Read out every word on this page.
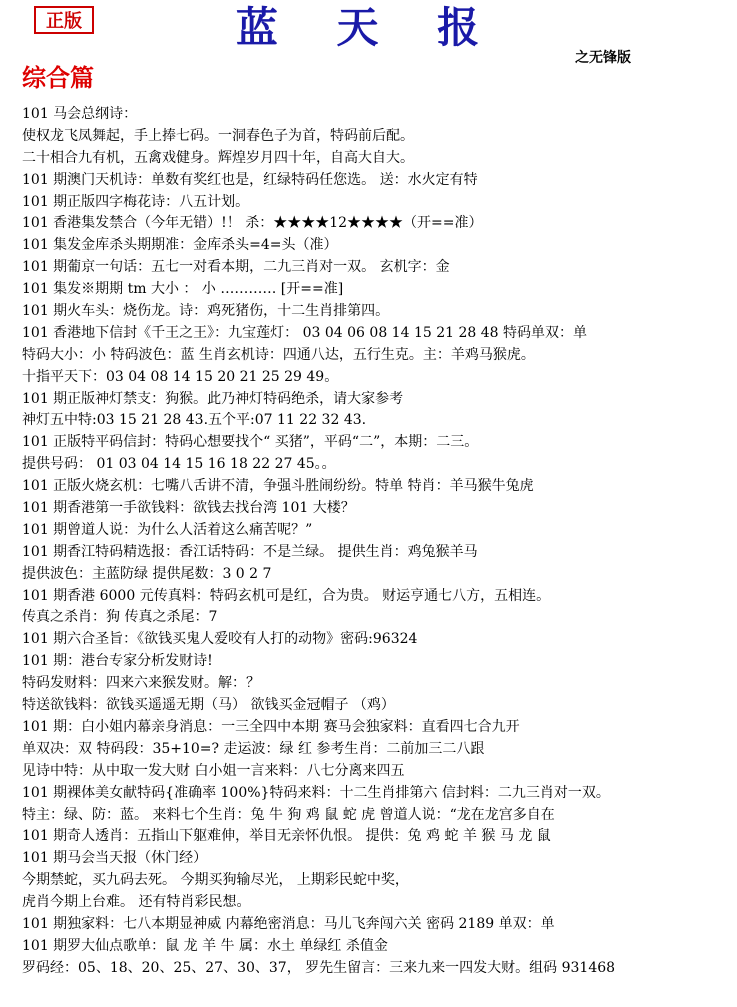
正版	蓝 天 报
之无锋版
综合篇
101 马会总纲诗：
使权龙飞凤舞起，手上捧七码。一洞春色子为首，特码前后配。
二十相合九有机，五禽戏健身。辉煌岁月四十年，自高大自大。
101 期澳门天机诗：单数有奖红也是，红绿特码任您选。 送：水火定有特
101 期正版四字梅花诗：八五计划。
101 香港集发禁合（今年无错）!！ 杀：★★★★12★★★★（开==准）
101 集发金库杀头期期准：金库杀头=4=头（准）
101 期葡京一句话：五七一对看本期，二九三肖对一双。 玄机字：金
101 集发※期期 tm 大小 ： 小 ………… [开==准]
101 期火车头：烧伤龙。诗：鸡死猪伤，十二生肖排第四。
101 香港地下信封《千王之王》：九宝莲灯： 03 04 06 08 14 15 21 28 48 特码单双：单
特码大小：小 特码波色：蓝 生肖玄机诗：四通八达，五行生克。主：羊鸡马猴虎。
十指平天下：03 04 08 14 15 20 21 25 29 49。
101 期正版神灯禁支：狗猴。此乃神灯特码绝杀，请大家参考
神灯五中特:03 15 21 28 43.五个平:07 11 22 32 43.
101 正版特平码信封：特码心想要找个“ 买猪”，平码“二”，本期：二三。
提供号码： 01 03 04 14 15 16 18 22 27 45。。
101 正版火烧玄机：七嘴八舌讲不清，争强斗胜闹纷纷。特单 特肖：羊马猴牛兔虎
101 期香港第一手欲钱料：欲钱去找台湾 101 大楼？
101 期曾道人说：为什么人活着这么痛苦呢？”
101 期香江特码精选报：香江话特码：不是兰绿。 提供生肖：鸡兔猴羊马
提供波色：主蓝防绿 提供尾数：3 0 2 7
101 期香港 6000 元传真料：特码玄机可是红，合为贵。 财运亨通七八方，五相连。
传真之杀肖：狗 传真之杀尾：7
101 期六合圣旨：《欲钱买鬼人爱咬有人打的动物》密码:96324
101 期：港台专家分析发财诗!
特码发财料：四来六来猴发财。解：？
特送欲钱料：欲钱买遥遥无期（马） 欲钱买金冠帽子 （鸡）
101 期：白小姐内幕亲身消息：一三全四中本期 赛马会独家料：直看四七合九开
单双决：双 特码段：35+10=? 走运波：绿 红 参考生肖：二前加三二八跟
见诗中特：从中取一发大财 白小姐一言来料：八七分离来四五
101 期裸体美女献特码{准确率 100%}特码来料：十二生肖排第六 信封料：二九三肖对一双。
特主：绿、防：蓝。 来料七个生肖：兔 牛 狗 鸡 鼠 蛇 虎 曾道人说：“龙在龙宫多自在
101 期奇人透肖：五指山下躯难伸，举目无亲怀仇恨。 提供：兔 鸡 蛇 羊 猴 马 龙 鼠
101 期马会当天报（休门经）
今期禁蛇，买九码去死。 今期买狗输尽光， 上期彩民蛇中奖，
虎肖今期上台难。 还有特肖彩民想。
101 期独家料：七八本期显神威 内幕绝密消息：马儿飞奔闯六关 密码 2189 单双：单
101 期罗大仙点歌单：鼠 龙 羊 牛 属：水土 单绿红 杀值金
罗码经：05、18、20、25、27、30、37， 罗先生留言：三来九来一四发大财。组码 931468
